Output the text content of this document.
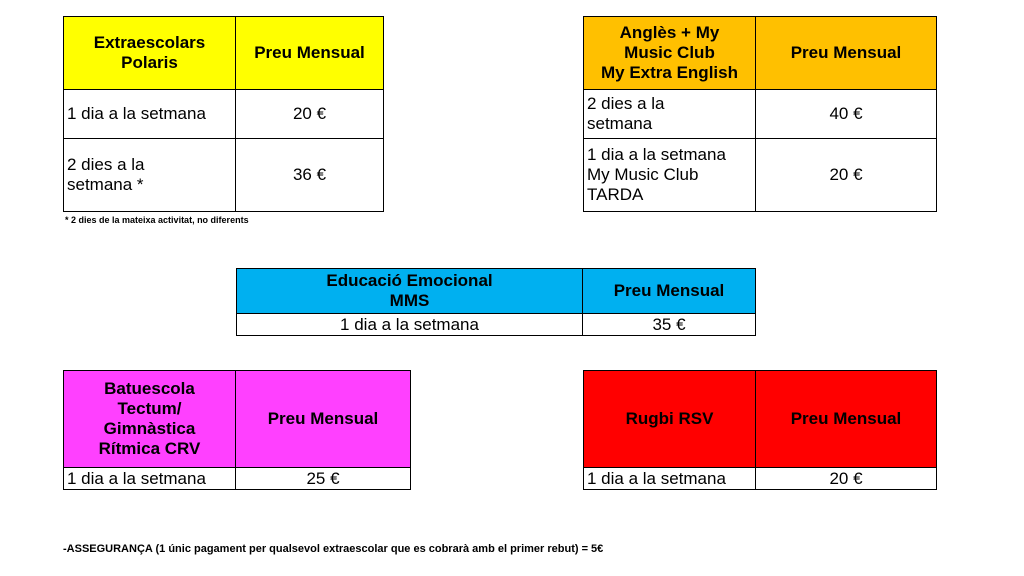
Extraescolars
Polaris	Preu Mensual
1 dia a la setmana	20 €

2 dies a la
setmana *	36 €
* 2 dies de la mateixa activitat, no diferents
Anglès + My
Music Club
My Extra English	Preu Mensual

2 dies a la
setmana	40 €

1 dia a la setmana
My Music Club
TARDA	20 €
Educació Emocional
MMS	Preu Mensual
1 dia a la setmana	35 €
Batuescola
Tectum/
Gimnàstica
Rítmica CRV	Preu Mensual
1 dia a la setmana	25 €
Rugbi RSV	Preu Mensual
1 dia a la setmana	20 €
-ASSEGURANÇA (1 únic pagament per qualsevol extraescolar que es cobrarà amb el primer rebut) = 5€
